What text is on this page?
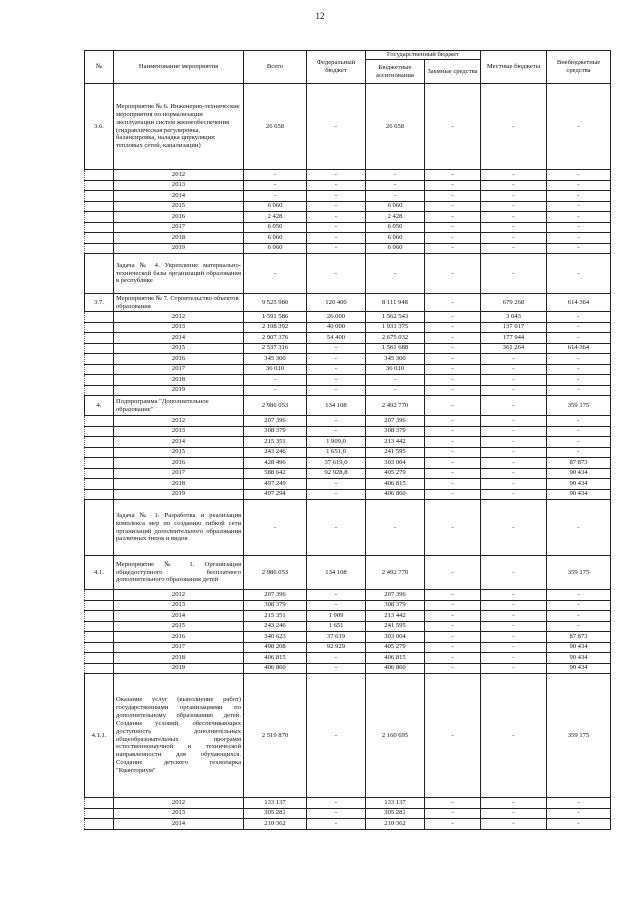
12
№	Наименование мероприятия	Всего	Федеральный бюджет	Государственный бюджет		Местные бюджеты	Внебюджетные средства
				Бюджетные ассигнования	Заемные средства		
3.6.	Мероприятие № 6. Инженерно-технические мероприятия по нормализации эксплуатации систем жизнеобеспечения (гидравлическая регулировка, балансировка, наладка циркуляции тепловых сетей, канализации)	26 658	-	26 658	-	-	-
	2012	-	-	-	-	-	-
	2013	-	-	-	-	-	-
	2014	-	-	-	-	-	-
	2015	6 060	-	6 060	-	-	-
	2016	2 428	-	2 428	-	-	-
	2017	6 050	-	6 050	-	-	-
	2018	6 060	-	6 060	-	-	-
	2019	6 060	-	6 060	-	-	-
	Задача № 4. Укрепление материально-технической базы организаций образования в республике	-	-	-	-	-	-
3.7.	Мероприятие № 7. Строительство объектов образования	9 525 980	120 400	8 111 948	-	679 268	614 364
	2012	1 591 586	26 000	1 562 543	-	3 043	-
	2013	2 108 392	40 000	1 931 375	-	137 017	-
	2014	2 907 376	54 400	2 675 032	-	177 944	-
	2015	2 537 316	-	1 561 688	-	361 264	614 364
	2016	345 300	-	345 300	-	-	-
	2017	36 010	-	36 010	-	-	-
	2018	-	-	-	-	-	-
	2019	-	-	-	-	-	-
4.	Подпрограмма "Дополнительное образование"	2 986 053	134 108	2 492 770	-	-	359 175
	2012	207 396	-	207 396	-	-	-
	2013	308 379	-	308 379	-	-	-
	2014	215 351	1 909,0	213 442	-	-	-
	2015	243 246	1 651,0	241 595	-	-	-
	2016	428 496	37 619,0	303 004	-	-	87 873
	2017	588 642	92 928,8	405 279	-	-	90 434
	2018	497 249	-	406 815	-	-	90 434
	2019	497 294	-	406 860	-	-	90 434
	Задача № 1. Разработка и реализация комплекса мер по созданию гибкой сети организаций дополнительного образования различных типов и видов	-	-	-	-	-	-
4.1.	Мероприятие № 1. Организация общедоступного бесплатного дополнительного образования детей	2 986 053	134 108	2 492 770	-	-	359 175
	2012	207 396	-	207 396	-	-	-
	2013	308 379	-	308 379	-	-	-
	2014	215 351	1 909	213 442	-	-	-
	2015	243 246	1 651	241 595	-	-	-
	2016	340 623	37 619	303 004	-	-	87 873
	2017	498 208	92 929	405 279	-	-	90 434
	2018	406 815	-	406 815	-	-	90 434
	2019	406 860	-	406 860	-	-	90 434
4.1.1.	Оказание услуг (выполнение работ) государственными организациями по дополнительному образованию детей. Создание условий, обеспечивающих доступность дополнительных общеобразовательных программ естественнонаучной и технической направленности для обучающихся. Создание детского технопарка "Кванториум"	2 519 870	-	2 160 695	-	-	359 175
	2012	133 137	-	133 137	-	-	-
	2013	305 281	-	305 281	-	-	-
	2014	210 362	-	210 362	-	-	-
